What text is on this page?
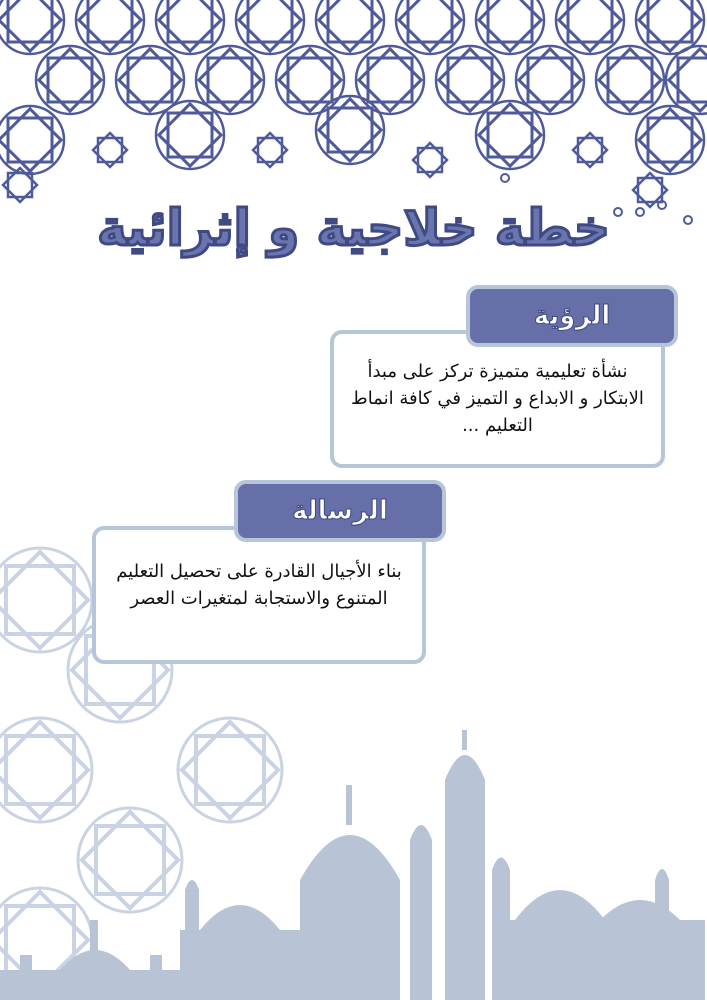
خطة خلاجية و إثرائية
نشأة تعليمية متميزة تركز على مبدأ الابتكار و الابداع و التميز في كافة انماط التعليم ...
الرؤية
بناء الأجيال القادرة على تحصيل التعليم المتنوع والاستجابة لمتغيرات العصر
الرسالة
